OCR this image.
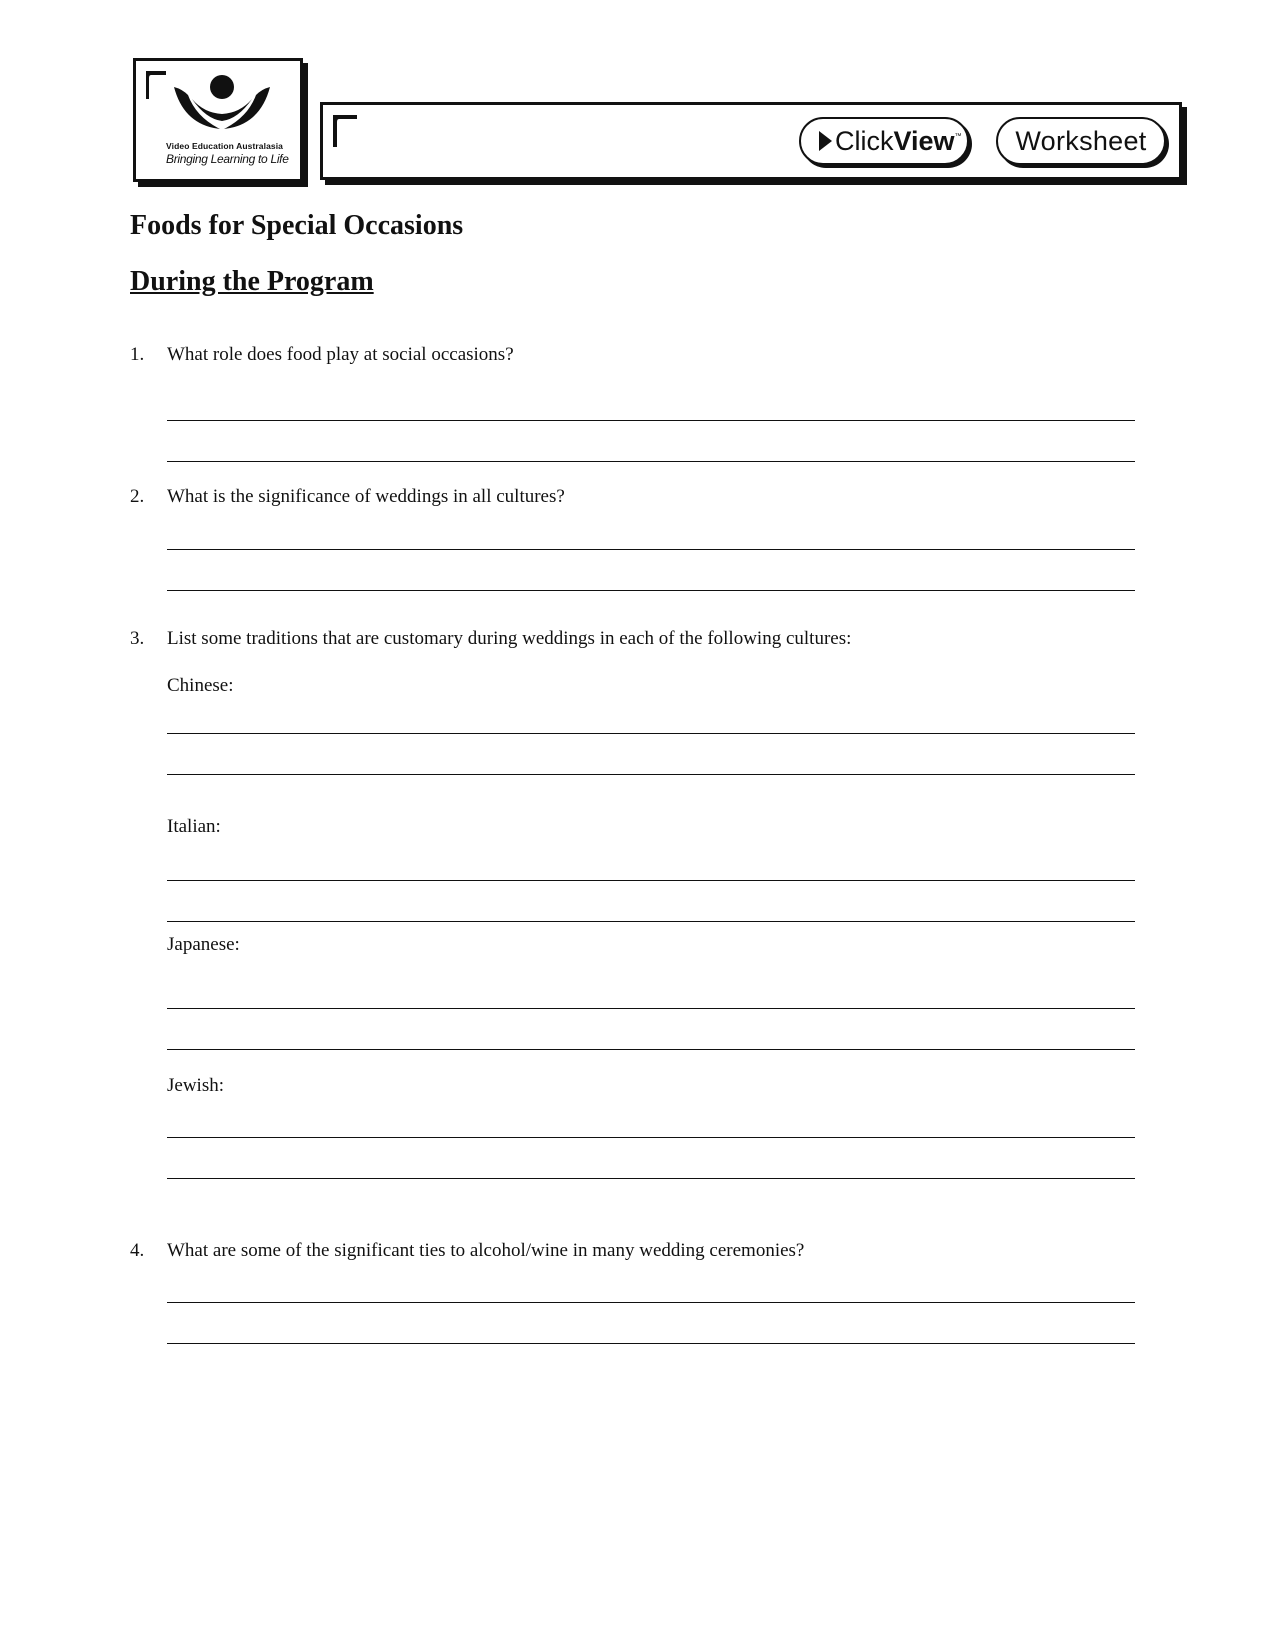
Video Education Australasia
Bringing Learning to Life
Click View ™	Worksheet
Foods for Special Occasions
During the Program
1. What role does food play at social occasions?
2. What is the significance of weddings in all cultures?
3. List some traditions that are customary during weddings in each of the following cultures:
Chinese:
Italian:
Japanese:
Jewish:
4. What are some of the significant ties to alcohol/wine in many wedding ceremonies?
